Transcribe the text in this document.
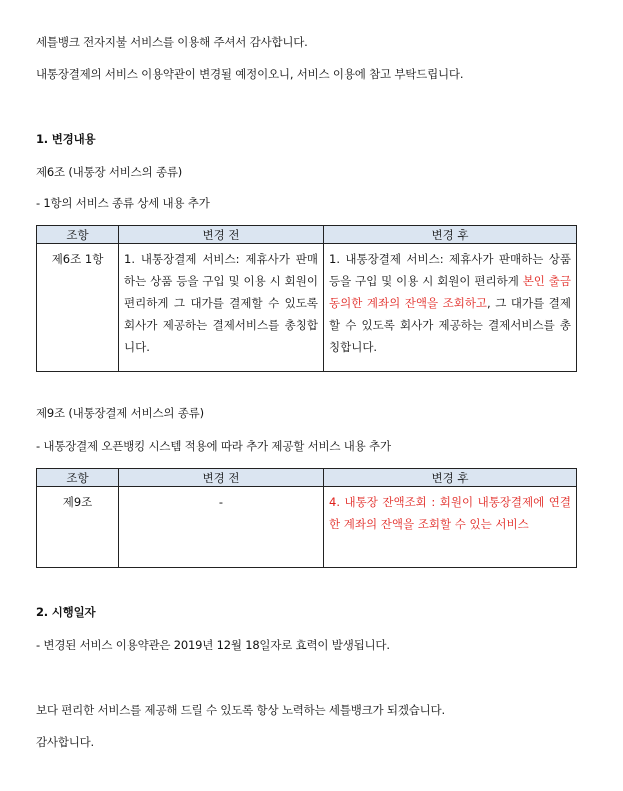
세틀뱅크 전자지불 서비스를 이용해 주셔서 감사합니다.
내통장결제의 서비스 이용약관이 변경될 예정이오니, 서비스 이용에 참고 부탁드립니다.
1. 변경내용
제6조 (내통장 서비스의 종류)
- 1항의 서비스 종류 상세 내용 추가
조항	변경 전	변경 후
제6조 1항	1. 내통장결제 서비스: 제휴사가 판매하는 상품 등을 구입 및 이용 시 회원이 편리하게 그 대가를 결제할 수 있도록 회사가 제공하는 결제서비스를 총칭합니다.	1. 내통장결제 서비스: 제휴사가 판매하는 상품 등을 구입 및 이용 시 회원이 편리하게 본인 출금동의한 계좌의 잔액을 조회하고, 그 대가를 결제할 수 있도록 회사가 제공하는 결제서비스를 총칭합니다.
제9조 (내통장결제 서비스의 종류)
- 내통장결제 오픈뱅킹 시스템 적용에 따라 추가 제공할 서비스 내용 추가
조항	변경 전	변경 후
제9조	-	4. 내통장 잔액조회 : 회원이 내통장결제에 연결한 계좌의 잔액을 조회할 수 있는 서비스
2. 시행일자
- 변경된 서비스 이용약관은 2019년 12월 18일자로 효력이 발생됩니다.
보다 편리한 서비스를 제공해 드릴 수 있도록 항상 노력하는 세틀뱅크가 되겠습니다.
감사합니다.
